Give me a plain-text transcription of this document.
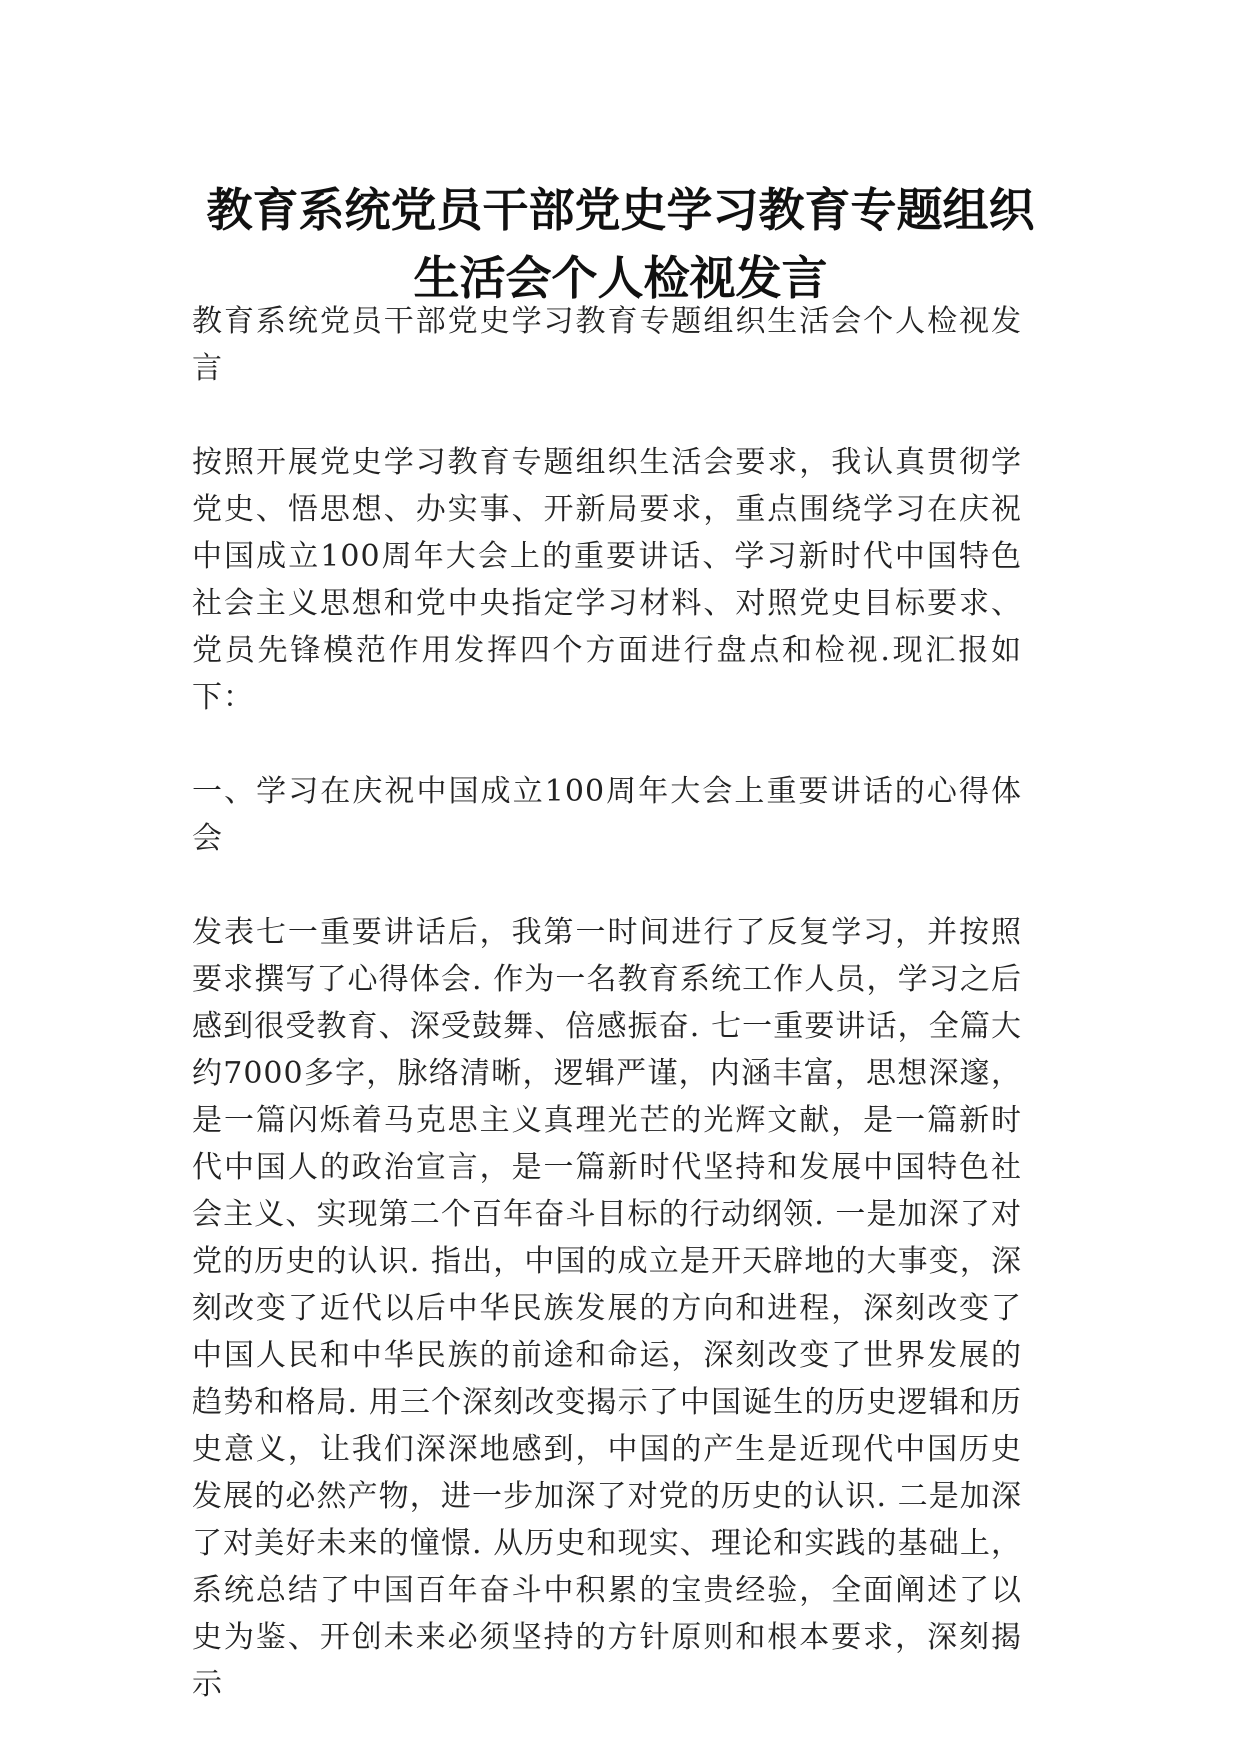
教育系统党员干部党史学习教育专题组织
生活会个人检视发言

教育系统党员干部党史学习教育专题组织生活会个人检视发言

按照开展党史学习教育专题组织生活会要求，我认真贯彻学党史、悟思想、办实事、开新局要求，重点围绕学习在庆祝中国成立100周年大会上的重要讲话、学习新时代中国特色社会主义思想和党中央指定学习材料、对照党史目标要求、党员先锋模范作用发挥四个方面进行盘点和检视.现汇报如下：

一、学习在庆祝中国成立100周年大会上重要讲话的心得体会

发表七一重要讲话后，我第一时间进行了反复学习，并按照要求撰写了心得体会. 作为一名教育系统工作人员，学习之后感到很受教育、深受鼓舞、倍感振奋. 七一重要讲话，全篇大约7000多字，脉络清晰，逻辑严谨，内涵丰富，思想深邃，是一篇闪烁着马克思主义真理光芒的光辉文献，是一篇新时代中国人的政治宣言，是一篇新时代坚持和发展中国特色社会主义、实现第二个百年奋斗目标的行动纲领. 一是加深了对党的历史的认识. 指出，中国的成立是开天辟地的大事变，深刻改变了近代以后中华民族发展的方向和进程，深刻改变了中国人民和中华民族的前途和命运，深刻改变了世界发展的趋势和格局. 用三个深刻改变揭示了中国诞生的历史逻辑和历史意义，让我们深深地感到，中国的产生是近现代中国历史发展的必然产物，进一步加深了对党的历史的认识. 二是加深了对美好未来的憧憬. 从历史和现实、理论和实践的基础上，系统总结了中国百年奋斗中积累的宝贵经验，全面阐述了以史为鉴、开创未来必须坚持的方针原则和根本要求，深刻揭示
